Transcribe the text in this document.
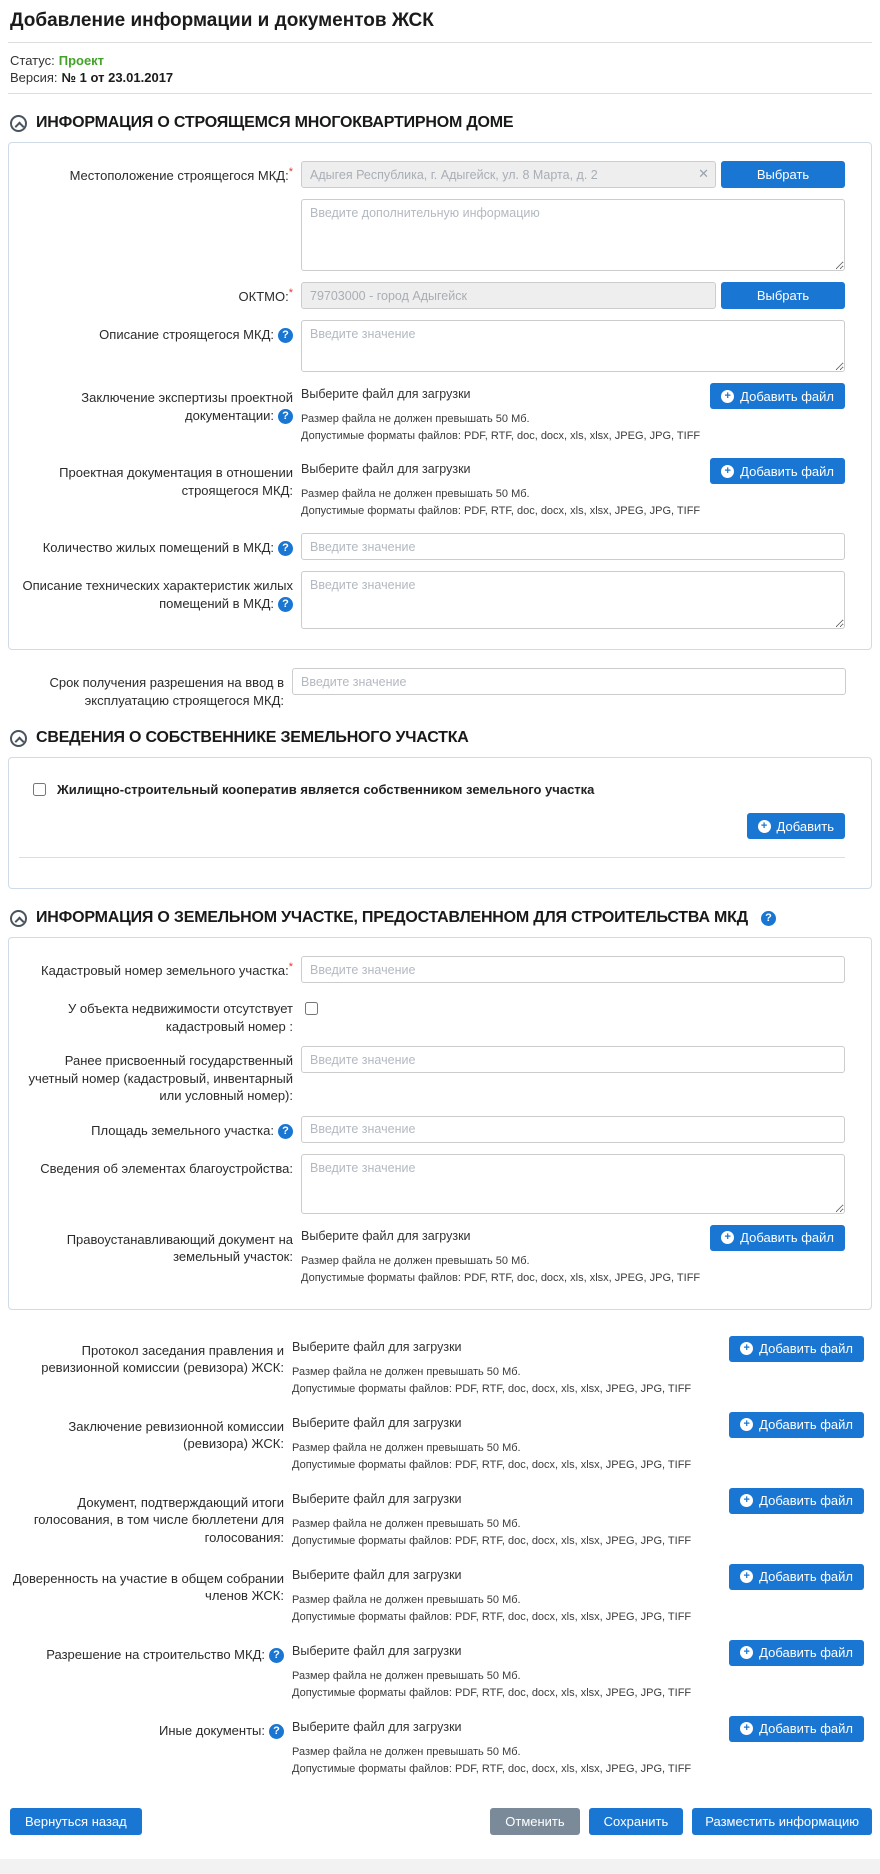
Добавление информации и документов ЖСК
Статус: Проект
Версия: № 1 от 23.01.2017
ИНФОРМАЦИЯ О СТРОЯЩЕМСЯ МНОГОКВАРТИРНОМ ДОМЕ
Местоположение строящегося МКД:*
Адыгея Республика, г. Адыгейск, ул. 8 Марта, д. 2	✕	Выбрать
Введите дополнительную информацию
ОКТМО:*
79703000 - город Адыгейск	Выбрать
Описание строящегося МКД: ?
Введите значение
Заключение экспертизы проектной документации: ?
Выберите файл для загрузки
Размер файла не должен превышать 50 Мб.
Допустимые форматы файлов: PDF, RTF, doc, docx, xls, xlsx, JPEG, JPG, TIFF
+ Добавить файл
Проектная документация в отношении строящегося МКД:
Выберите файл для загрузки
Размер файла не должен превышать 50 Мб.
Допустимые форматы файлов: PDF, RTF, doc, docx, xls, xlsx, JPEG, JPG, TIFF
+ Добавить файл
Количество жилых помещений в МКД: ?
Введите значение
Описание технических характеристик жилых помещений в МКД: ?
Введите значение
Срок получения разрешения на ввод в эксплуатацию строящегося МКД:
Введите значение
СВЕДЕНИЯ О СОБСТВЕННИКЕ ЗЕМЕЛЬНОГО УЧАСТКА
Жилищно-строительный кооператив является собственником земельного участка
+ Добавить
ИНФОРМАЦИЯ О ЗЕМЕЛЬНОМ УЧАСТКЕ, ПРЕДОСТАВЛЕННОМ ДЛЯ СТРОИТЕЛЬСТВА МКД	?
Кадастровый номер земельного участка:*
Введите значение
У объекта недвижимости отсутствует кадастровый номер :
Ранее присвоенный государственный учетный номер (кадастровый, инвентарный или условный номер):
Введите значение
Площадь земельного участка: ?
Введите значение
Сведения об элементах благоустройства:
Введите значение
Правоустанавливающий документ на земельный участок:
Выберите файл для загрузки
Размер файла не должен превышать 50 Мб.
Допустимые форматы файлов: PDF, RTF, doc, docx, xls, xlsx, JPEG, JPG, TIFF
+ Добавить файл
Протокол заседания правления и ревизионной комиссии (ревизора) ЖСК:
Выберите файл для загрузки
Размер файла не должен превышать 50 Мб.
Допустимые форматы файлов: PDF, RTF, doc, docx, xls, xlsx, JPEG, JPG, TIFF
+ Добавить файл
Заключение ревизионной комиссии (ревизора) ЖСК:
Выберите файл для загрузки
Размер файла не должен превышать 50 Мб.
Допустимые форматы файлов: PDF, RTF, doc, docx, xls, xlsx, JPEG, JPG, TIFF
+ Добавить файл
Документ, подтверждающий итоги голосования, в том числе бюллетени для голосования:
Выберите файл для загрузки
Размер файла не должен превышать 50 Мб.
Допустимые форматы файлов: PDF, RTF, doc, docx, xls, xlsx, JPEG, JPG, TIFF
+ Добавить файл
Доверенность на участие в общем собрании членов ЖСК:
Выберите файл для загрузки
Размер файла не должен превышать 50 Мб.
Допустимые форматы файлов: PDF, RTF, doc, docx, xls, xlsx, JPEG, JPG, TIFF
+ Добавить файл
Разрешение на строительство МКД: ? Выберите файл для загрузки
Размер файла не должен превышать 50 Мб.
Допустимые форматы файлов: PDF, RTF, doc, docx, xls, xlsx, JPEG, JPG, TIFF
+ Добавить файл
Иные документы: ? Выберите файл для загрузки
Размер файла не должен превышать 50 Мб.
Допустимые форматы файлов: PDF, RTF, doc, docx, xls, xlsx, JPEG, JPG, TIFF
+ Добавить файл
Вернуться назад	Отменить	Сохранить	Разместить информацию
